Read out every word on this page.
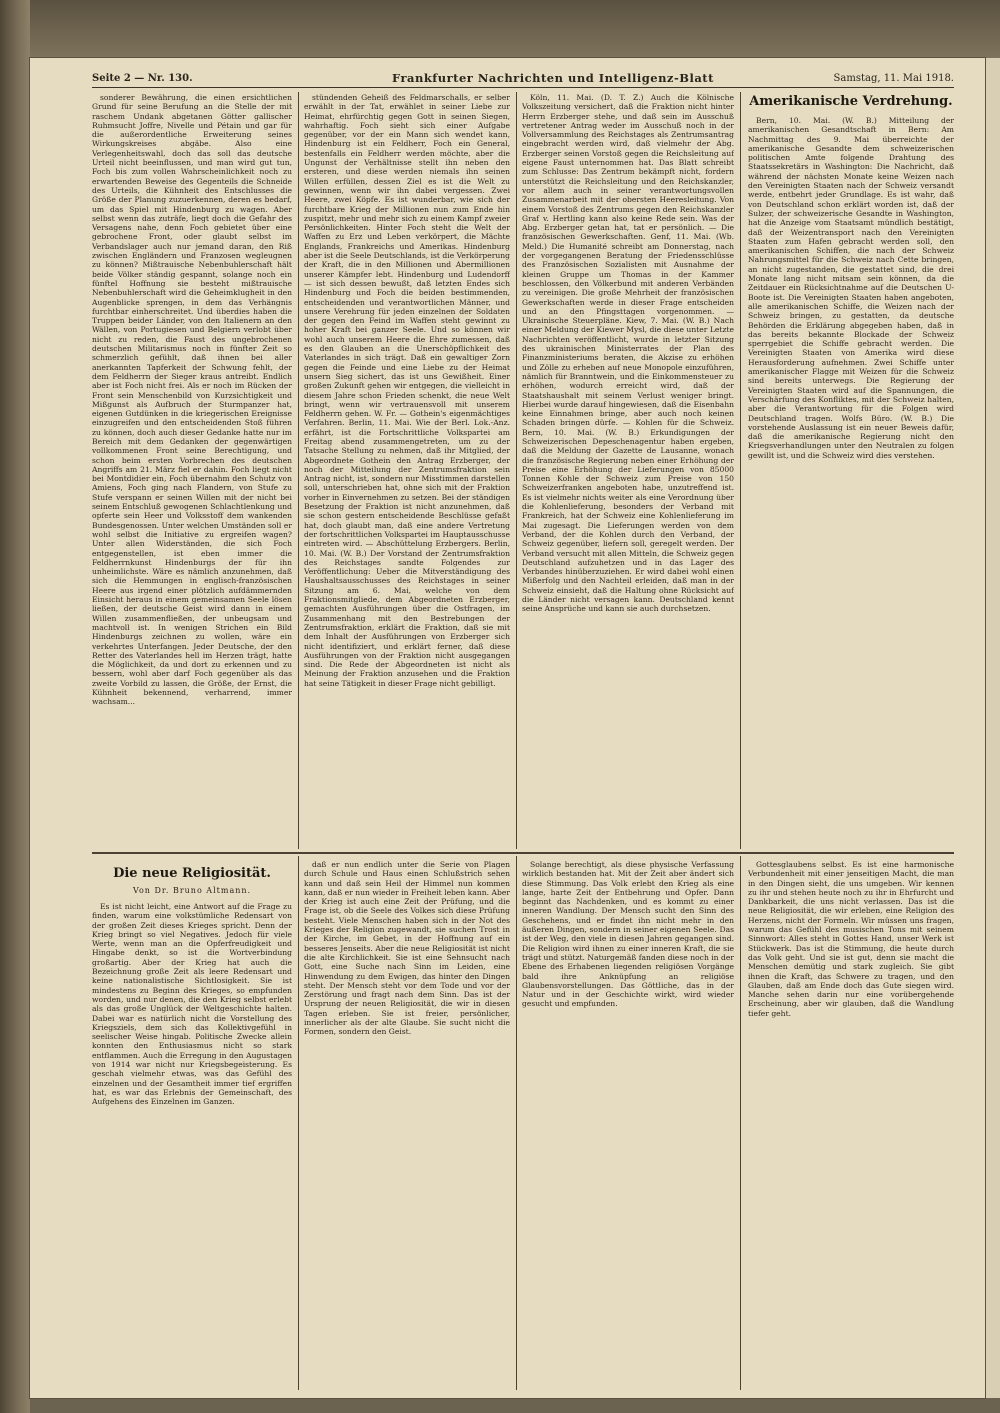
Seite 2 — Nr. 130.	Frankfurter Nachrichten und Intelligenz-Blatt	Samstag, 11. Mai 1918.

sonderer Bewährung, die einen ersichtlichen Grund für seine Berufung an die Stelle der mit raschem Undank abgetanen Götter gallischer Ruhmsucht Joffre, Nivelle und Pétain und gar für die außerordentliche Erweiterung seines Wirkungskreises abgäbe. Also eine Verlegenheitswahl, doch das soll das deutsche Urteil nicht beeinflussen, und man wird gut tun, Foch bis zum vollen Wahrscheinlichkeit noch zu erwartenden Beweise des Gegenteils die Schneide des Urteils, die Kühnheit des Entschlusses die Größe der Planung zuzuerkennen, deren es bedarf, um das Spiel mit Hindenburg zu wagen. Aber selbst wenn das zuträfe, liegt doch die Gefahr des Versagens nahe, denn Foch gebietet über eine gebrochene Front, oder glaubt selbst im Verbandslager auch nur jemand daran, den Riß zwischen Engländern und Franzosen wegleugnen zu können? Mißtrauische Nebenbuhlerschaft hält beide Völker ständig gespannt, solange noch ein fünftel Hoffnung sie besteht mißtrauische Nebenbuhlerschaft wird die Geheimklugheit in den Augenblicke sprengen, in dem das Verhängnis furchtbar einherschreitet. Und überdies haben die Truppen beider Länder, von den Italienern an den Wällen, von Portugiesen und Belgiern verlobt über nicht zu reden, die Faust des ungebrochenen deutschen Militarismus noch in fünfter Zeit so schmerzlich gefühlt, daß ihnen bei aller anerkannten Tapferkeit der Schwung fehlt, der dem Feldherrn der Sieger kraus antreibt. Endlich aber ist Foch nicht frei. Als er noch im Rücken der Front sein Menschenbild von Kurzsichtigkeit und Mißgunst als Aufbruch der Sturmpanzer hat, eigenen Gutdünken in die kriegerischen Ereignisse einzugreifen und den entscheidenden Stoß führen zu können, doch auch dieser Gedanke hatte nur im Bereich mit dem Gedanken der gegenwärtigen vollkommenen Front seine Berechtigung, und schon beim ersten Vorbrechen des deutschen Angriffs am 21. März fiel er dahin. Foch liegt nicht bei Montdidier ein, Foch übernahm den Schutz von Amiens, Foch ging nach Flandern, von Stufe zu Stufe verspann er seinen Willen mit der nicht bei seinem Entschluß gewogenen Schlachtlenkung und opferte sein Heer und Volksstoff dem wankenden Bundesgenossen. Unter welchen Umständen soll er wohl selbst die Initiative zu ergreifen wagen? Unter allen Widerständen, die sich Foch entgegenstellen, ist eben immer die Feldherrnkunst Hindenburgs der für ihn unheimlichste. Wäre es nämlich anzunehmen, daß sich die Hemmungen in englisch-französischen Heere aus irgend einer plötzlich aufdämmernden Einsicht heraus in einem gemeinsamen Seele lösen ließen, der deutsche Geist wird dann in einem Willen zusammenfließen, der unbeugsam und machtvoll ist. In wenigen Strichen ein Bild Hindenburgs zeichnen zu wollen, wäre ein verkehrtes Unterfangen. Jeder Deutsche, der den Retter des Vaterlandes hell im Herzen trägt, hatte die Möglichkeit, da und dort zu erkennen und zu bessern, wohl aber darf Foch gegenüber als das zweite Vorbild zu lassen, die Größe, der Ernst, die Kühnheit bekennend, verharrend, immer wachsam...

stündenden Geheiß des Feldmarschalls, er selber erwählt in der Tat, erwählet in seiner Liebe zur Heimat, ehrfürchtig gegen Gott in seinen Siegen, wahrhaftig. Foch sieht sich einer Aufgabe gegenüber, vor der ein Mann sich wendet kann, Hindenburg ist ein Feldherr, Foch ein General, bestenfalls ein Feldherr werden möchte, aber die Ungunst der Verhältnisse stellt ihn neben den ersteren, und diese werden niemals ihn seinen Willen erfüllen, dessen Ziel es ist die Welt zu gewinnen, wenn wir ihn dabei vergessen. Zwei Heere, zwei Köpfe. Es ist wunderbar, wie sich der furchtbare Krieg der Millionen nun zum Ende hin zuspitzt, mehr und mehr sich zu einem Kampf zweier Persönlichkeiten. Hinter Foch steht die Welt der Waffen zu Erz und Leben verkörpert, die Mächte Englands, Frankreichs und Amerikas. Hindenburg aber ist die Seele Deutschlands, ist die Verkörperung der Kraft, die in den Millionen und Abermillionen unserer Kämpfer lebt. Hindenburg und Ludendorff — ist sich dessen bewußt, daß letzten Endes sich Hindenburg und Foch die beiden bestimmenden, entscheidenden und verantwortlichen Männer, und unsere Verehrung für jeden einzelnen der Soldaten der gegen den Feind im Waffen steht gewinnt zu hoher Kraft bei ganzer Seele. Und so können wir wohl auch unserem Heere die Ehre zumessen, daß es den Glauben an die Unerschöpflichkeit des Vaterlandes in sich trägt. Daß ein gewaltiger Zorn gegen die Feinde und eine Liebe zu der Heimat unsern Sieg sichert, das ist uns Gewißheit. Einer großen Zukunft gehen wir entgegen, die vielleicht in diesem Jahre schon Frieden schenkt, die neue Welt bringt, wenn wir vertrauensvoll mit unserem Feldherrn gehen. W. Fr. — Gothein's eigenmächtiges Verfahren. Berlin, 11. Mai. Wie der Berl. Lok.-Anz. erfährt, ist die Fortschrittliche Volkspartei am Freitag abend zusammengetreten, um zu der Tatsache Stellung zu nehmen, daß ihr Mitglied, der Abgeordnete Gothein den Antrag Erzberger, der noch der Mitteilung der Zentrumsfraktion sein Antrag nicht, ist, sondern nur Misstimmen darstellen soll, unterschrieben hat, ohne sich mit der Fraktion vorher in Einvernehmen zu setzen. Bei der ständigen Besetzung der Fraktion ist nicht anzunehmen, daß sie schon gestern entscheidende Beschlüsse gefaßt hat, doch glaubt man, daß eine andere Vertretung der fortschrittlichen Volkspartei im Hauptausschusse eintreten wird. — Abschüttelung Erzbergers. Berlin, 10. Mai. (W. B.) Der Vorstand der Zentrumsfraktion des Reichstages sandte Folgendes zur Veröffentlichung: Ueber die Mitverständigung des Haushaltsausschusses des Reichstages in seiner Sitzung am 6. Mai, welche von dem Fraktionsmitgliede, dem Abgeordneten Erzberger, gemachten Ausführungen über die Ostfragen, im Zusammenhang mit den Bestrebungen der Zentrumsfraktion, erklärt die Fraktion, daß sie mit dem Inhalt der Ausführungen von Erzberger sich nicht identifiziert, und erklärt ferner, daß diese Ausführungen von der Fraktion nicht ausgegangen sind. Die Rede der Abgeordneten ist nicht als Meinung der Fraktion anzusehen und die Fraktion hat seine Tätigkeit in dieser Frage nicht gebilligt.

Köln, 11. Mai. (D. T. Z.) Auch die Kölnische Volkszeitung versichert, daß die Fraktion nicht hinter Herrn Erzberger stehe, und daß sein im Ausschuß vertretener Antrag weder im Ausschuß noch in der Vollversammlung des Reichstages als Zentrumsantrag eingebracht werden wird, daß vielmehr der Abg. Erzberger seinen Vorstoß gegen die Reichsleitung auf eigene Faust unternommen hat. Das Blatt schreibt zum Schlusse: Das Zentrum bekämpft nicht, fordern unterstützt die Reichsleitung und den Reichskanzler, vor allem auch in seiner verantwortungsvollen Zusammenarbeit mit der obersten Heeresleitung. Von einem Vorstoß des Zentrums gegen den Reichskanzler Graf v. Hertling kann also keine Rede sein. Was der Abg. Erzberger getan hat, tat er persönlich. — Die französischen Gewerkschaften. Genf, 11. Mai. (Wb. Meld.) Die Humanité schreibt am Donnerstag, nach der vorgegangenen Beratung der Friedensschlüsse des Französischen Sozialisten mit Ausnahme der kleinen Gruppe um Thomas in der Kammer beschlossen, den Völkerbund mit anderen Verbänden zu vereinigen. Die große Mehrheit der französischen Gewerkschaften werde in dieser Frage entscheiden und an den Pfingsttagen vorgenommen. — Ukrainische Steuerpläne. Kiew, 7. Mai. (W. B.) Nach einer Meldung der Kiewer Mysl, die diese unter Letzte Nachrichten veröffentlicht, wurde in letzter Sitzung des ukrainischen Ministerrates der Plan des Finanzministeriums beraten, die Akzise zu erhöhen und Zölle zu erheben auf neue Monopole einzuführen, nämlich für Branntwein, und die Einkommensteuer zu erhöhen, wodurch erreicht wird, daß der Staatshaushalt mit seinem Verlust weniger bringt. Hierbei wurde darauf hingewiesen, daß die Eisenbahn keine Einnahmen bringe, aber auch noch keinen Schaden bringen dürfe. — Kohlen für die Schweiz. Bern, 10. Mai. (W. B.) Erkundigungen der Schweizerischen Depeschenagentur haben ergeben, daß die Meldung der Gazette de Lausanne, wonach die französische Regierung neben einer Erhöhung der Preise eine Erhöhung der Lieferungen von 85000 Tonnen Kohle der Schweiz zum Preise von 150 Schweizerfranken angeboten habe, unzutreffend ist. Es ist vielmehr nichts weiter als eine Verordnung über die Kohlenlieferung, besonders der Verband mit Frankreich, hat der Schweiz eine Kohlenlieferung im Mai zugesagt. Die Lieferungen werden von dem Verband, der die Kohlen durch den Verband, der Schweiz gegenüber, liefern soll, geregelt werden. Der Verband versucht mit allen Mitteln, die Schweiz gegen Deutschland aufzuhetzen und in das Lager des Verbandes hinüberzuziehen. Er wird dabei wohl einen Mißerfolg und den Nachteil erleiden, daß man in der Schweiz einsieht, daß die Haltung ohne Rücksicht auf die Länder nicht versagen kann. Deutschland kennt seine Ansprüche und kann sie auch durchsetzen.

Amerikanische Verdrehung.

Bern, 10. Mai. (W. B.) Mitteilung der amerikanischen Gesandtschaft in Bern: Am Nachmittag des 9. Mai überreichte der amerikanische Gesandte dem schweizerischen politischen Amte folgende Drahtung des Staatssekretärs in Washington: Die Nachricht, daß während der nächsten Monate keine Weizen nach den Vereinigten Staaten nach der Schweiz versandt werde, entbehrt jeder Grundlage. Es ist wahr, daß von Deutschland schon erklärt worden ist, daß der Sulzer, der schweizerische Gesandte in Washington, hat die Anzeige vom Staatsamt mündlich bestätigt, daß der Weizentransport nach den Vereinigten Staaten zum Hafen gebracht werden soll, den amerikanischen Schiffen, die nach der Schweiz Nahrungsmittel für die Schweiz nach Cette bringen, an nicht zugestanden, die gestattet sind, die drei Monate lang nicht mitsam sein können, da die Zeitdauer ein Rücksichtnahme auf die Deutschen U-Boote ist. Die Vereinigten Staaten haben angeboten, alle amerikanischen Schiffe, die Weizen nach der Schweiz bringen, zu gestatten, da deutsche Behörden die Erklärung abgegeben haben, daß in das bereits bekannte Blockade der Schweiz sperrgebiet die Schiffe gebracht werden. Die Vereinigten Staaten von Amerika wird diese Herausforderung aufnehmen. Zwei Schiffe unter amerikanischer Flagge mit Weizen für die Schweiz sind bereits unterwegs. Die Regierung der Vereinigten Staaten wird auf die Spannungen, die Verschärfung des Konfliktes, mit der Schweiz halten, aber die Verantwortung für die Folgen wird Deutschland tragen. Wolfs Büro. (W. B.) Die vorstehende Auslassung ist ein neuer Beweis dafür, daß die amerikanische Regierung nicht den Kriegsverhandlungen unter den Neutralen zu folgen gewillt ist, und die Schweiz wird dies verstehen.

Die neue Religiosität.
Von Dr. Bruno Altmann.

Es ist nicht leicht, eine Antwort auf die Frage zu finden, warum eine volkstümliche Redensart von der großen Zeit dieses Krieges spricht. Denn der Krieg bringt so viel Negatives. Jedoch für viele Werte, wenn man an die Opferfreudigkeit und Hingabe denkt, so ist die Wortverbindung großartig. Aber der Krieg hat auch die Bezeichnung große Zeit als leere Redensart und keine nationalistische Sichtlosigkeit. Sie ist mindestens zu Beginn des Krieges, so empfunden worden, und nur denen, die den Krieg selbst erlebt als das große Unglück der Weltgeschichte halten. Dabei war es natürlich nicht die Vorstellung des Kriegsziels, dem sich das Kollektivgefühl in seelischer Weise hingab. Politische Zwecke allein konnten den Enthusiasmus nicht so stark entflammen. Auch die Erregung in den Augustagen von 1914 war nicht nur Kriegsbegeisterung. Es geschah vielmehr etwas, was das Gefühl des einzelnen und der Gesamtheit immer tief ergriffen hat, es war das Erlebnis der Gemeinschaft, des Aufgehens des Einzelnen im Ganzen.

daß er nun endlich unter die Serie von Plagen durch Schule und Haus einen Schlußstrich sehen kann und daß sein Heil der Himmel nun kommen kann, daß er nun wieder in Freiheit leben kann. Aber der Krieg ist auch eine Zeit der Prüfung, und die Frage ist, ob die Seele des Volkes sich diese Prüfung besteht. Viele Menschen haben sich in der Not des Krieges der Religion zugewandt, sie suchen Trost in der Kirche, im Gebet, in der Hoffnung auf ein besseres Jenseits. Aber die neue Religiosität ist nicht die alte Kirchlichkeit. Sie ist eine Sehnsucht nach Gott, eine Suche nach Sinn im Leiden, eine Hinwendung zu dem Ewigen, das hinter den Dingen steht. Der Mensch steht vor dem Tode und vor der Zerstörung und fragt nach dem Sinn. Das ist der Ursprung der neuen Religiosität, die wir in diesen Tagen erleben. Sie ist freier, persönlicher, innerlicher als der alte Glaube. Sie sucht nicht die Formen, sondern den Geist.

Solange berechtigt, als diese physische Verfassung wirklich bestanden hat. Mit der Zeit aber ändert sich diese Stimmung. Das Volk erlebt den Krieg als eine lange, harte Zeit der Entbehrung und Opfer. Dann beginnt das Nachdenken, und es kommt zu einer inneren Wandlung. Der Mensch sucht den Sinn des Geschehens, und er findet ihn nicht mehr in den äußeren Dingen, sondern in seiner eigenen Seele. Das ist der Weg, den viele in diesen Jahren gegangen sind. Die Religion wird ihnen zu einer inneren Kraft, die sie trägt und stützt. Naturgemäß fanden diese noch in der Ebene des Erhabenen liegenden religiösen Vorgänge bald ihre Anknüpfung an religiöse Glaubensvorstellungen. Das Göttliche, das in der Natur und in der Geschichte wirkt, wird wieder gesucht und empfunden.

Gottesglaubens selbst. Es ist eine harmonische Verbundenheit mit einer jenseitigen Macht, die man in den Dingen sieht, die uns umgeben. Wir kennen zu ihr und stehen heute noch zu ihr in Ehrfurcht und Dankbarkeit, die uns nicht verlassen. Das ist die neue Religiosität, die wir erleben, eine Religion des Herzens, nicht der Formeln. Wir müssen uns fragen, warum das Gefühl des musischen Tons mit seinem Sinnwort: Alles steht in Gottes Hand, unser Werk ist Stückwerk. Das ist die Stimmung, die heute durch das Volk geht. Und sie ist gut, denn sie macht die Menschen demütig und stark zugleich. Sie gibt ihnen die Kraft, das Schwere zu tragen, und den Glauben, daß am Ende doch das Gute siegen wird. Manche sehen darin nur eine vorübergehende Erscheinung, aber wir glauben, daß die Wandlung tiefer geht.
